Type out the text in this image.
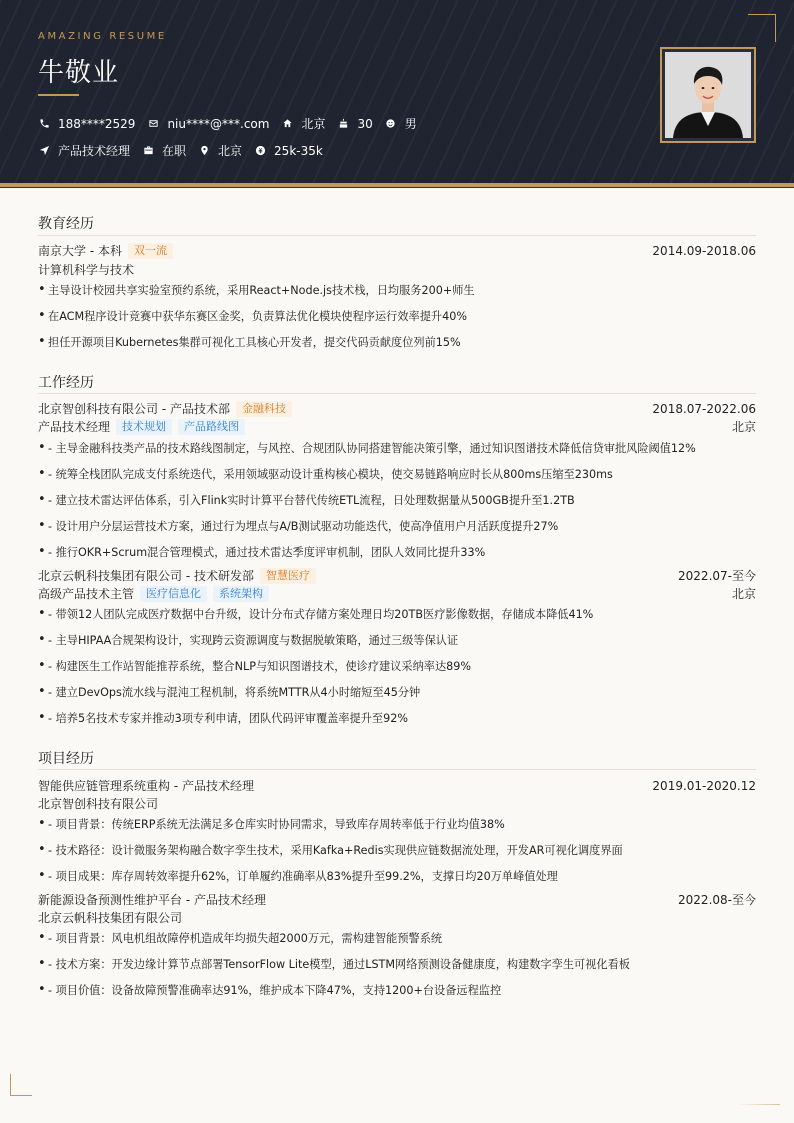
AMAZING RESUME
牛敬业
188****2529	niu****@***.com	北京	30	男
产品技术经理	在职	北京	25k-35k
教育经历
南京大学 - 本科	双一流	2014.09-2018.06
计算机科学与技术
• 主导设计校园共享实验室预约系统，采用React+Node.js技术栈，日均服务200+师生
• 在ACM程序设计竞赛中获华东赛区金奖，负责算法优化模块使程序运行效率提升40%
• 担任开源项目Kubernetes集群可视化工具核心开发者，提交代码贡献度位列前15%
工作经历
北京智创科技有限公司 - 产品技术部	金融科技	2018.07-2022.06
产品技术经理	技术规划	产品路线图	北京
• - 主导金融科技类产品的技术路线图制定，与风控、合规团队协同搭建智能决策引擎，通过知识图谱技术降低信贷审批风险阈值12%
• - 统筹全栈团队完成支付系统迭代，采用领域驱动设计重构核心模块，使交易链路响应时长从800ms压缩至230ms
• - 建立技术雷达评估体系，引入Flink实时计算平台替代传统ETL流程，日处理数据量从500GB提升至1.2TB
• - 设计用户分层运营技术方案，通过行为埋点与A/B测试驱动功能迭代，使高净值用户月活跃度提升27%
• - 推行OKR+Scrum混合管理模式，通过技术雷达季度评审机制，团队人效同比提升33%
北京云帆科技集团有限公司 - 技术研发部	智慧医疗	2022.07-至今
高级产品技术主管	医疗信息化	系统架构	北京
• - 带领12人团队完成医疗数据中台升级，设计分布式存储方案处理日均20TB医疗影像数据，存储成本降低41%
• - 主导HIPAA合规架构设计，实现跨云资源调度与数据脱敏策略，通过三级等保认证
• - 构建医生工作站智能推荐系统，整合NLP与知识图谱技术，使诊疗建议采纳率达89%
• - 建立DevOps流水线与混沌工程机制，将系统MTTR从4小时缩短至45分钟
• - 培养5名技术专家并推动3项专利申请，团队代码评审覆盖率提升至92%
项目经历
智能供应链管理系统重构 - 产品技术经理	2019.01-2020.12
北京智创科技有限公司
• - 项目背景：传统ERP系统无法满足多仓库实时协同需求，导致库存周转率低于行业均值38%
• - 技术路径：设计微服务架构融合数字孪生技术，采用Kafka+Redis实现供应链数据流处理，开发AR可视化调度界面
• - 项目成果：库存周转效率提升62%，订单履约准确率从83%提升至99.2%，支撑日均20万单峰值处理
新能源设备预测性维护平台 - 产品技术经理	2022.08-至今
北京云帆科技集团有限公司
• - 项目背景：风电机组故障停机造成年均损失超2000万元，需构建智能预警系统
• - 技术方案：开发边缘计算节点部署TensorFlow Lite模型，通过LSTM网络预测设备健康度，构建数字孪生可视化看板
• - 项目价值：设备故障预警准确率达91%，维护成本下降47%，支持1200+台设备远程监控
